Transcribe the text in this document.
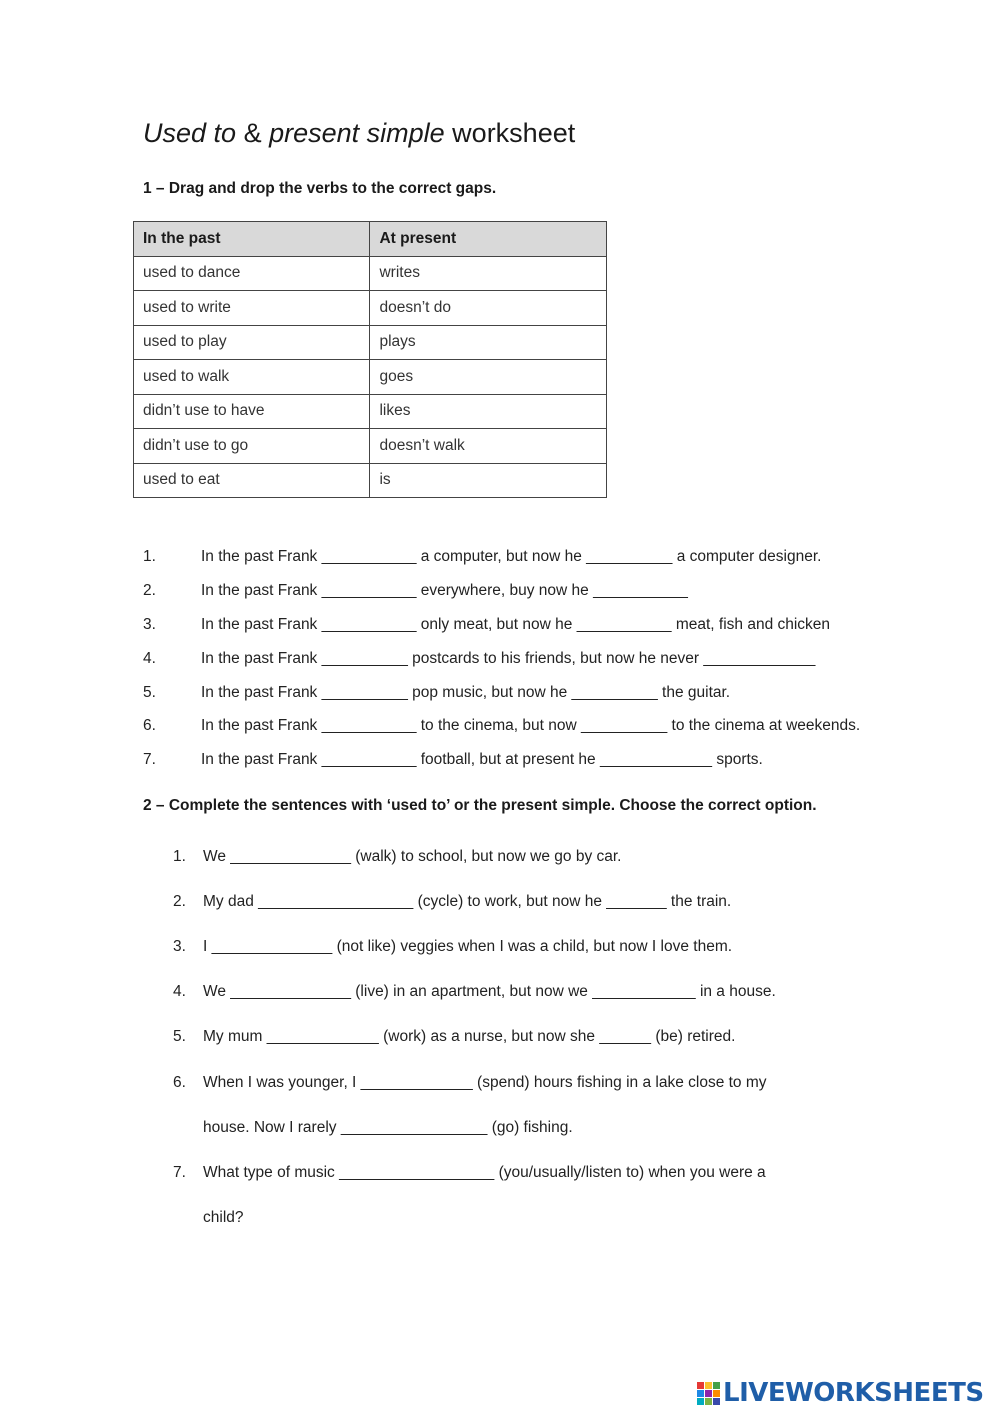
Used to & present simple worksheet
1 – Drag and drop the verbs to the correct gaps.
In the past	At present
used to dance	writes
used to write	doesn’t do
used to play	plays
used to walk	goes
didn’t use to have	likes
didn’t use to go	doesn’t walk
used to eat	is
1.	In the past Frank ___________ a computer, but now he __________ a computer designer.
2.	In the past Frank ___________ everywhere, buy now he ___________
3.	In the past Frank ___________ only meat, but now he ___________ meat, fish and chicken
4.	In the past Frank __________ postcards to his friends, but now he never _____________
5.	In the past Frank __________ pop music, but now he __________ the guitar.
6.	In the past Frank ___________ to the cinema, but now __________ to the cinema at weekends.
7.	In the past Frank ___________ football, but at present he _____________ sports.
2 – Complete the sentences with ‘used to’ or the present simple. Choose the correct option.
1.	We ______________ (walk) to school, but now we go by car.
2.	My dad __________________ (cycle) to work, but now he _______ the train.
3.	I ______________ (not like) veggies when I was a child, but now I love them.
4.	We ______________ (live) in an apartment, but now we ____________ in a house.
5.	My mum _____________ (work) as a nurse, but now she ______ (be) retired.
6.	When I was younger, I _____________ (spend) hours fishing in a lake close to my
house. Now I rarely _________________ (go) fishing.
7.	What type of music __________________ (you/usually/listen to) when you were a
child?
LIVEWORKSHEETS
